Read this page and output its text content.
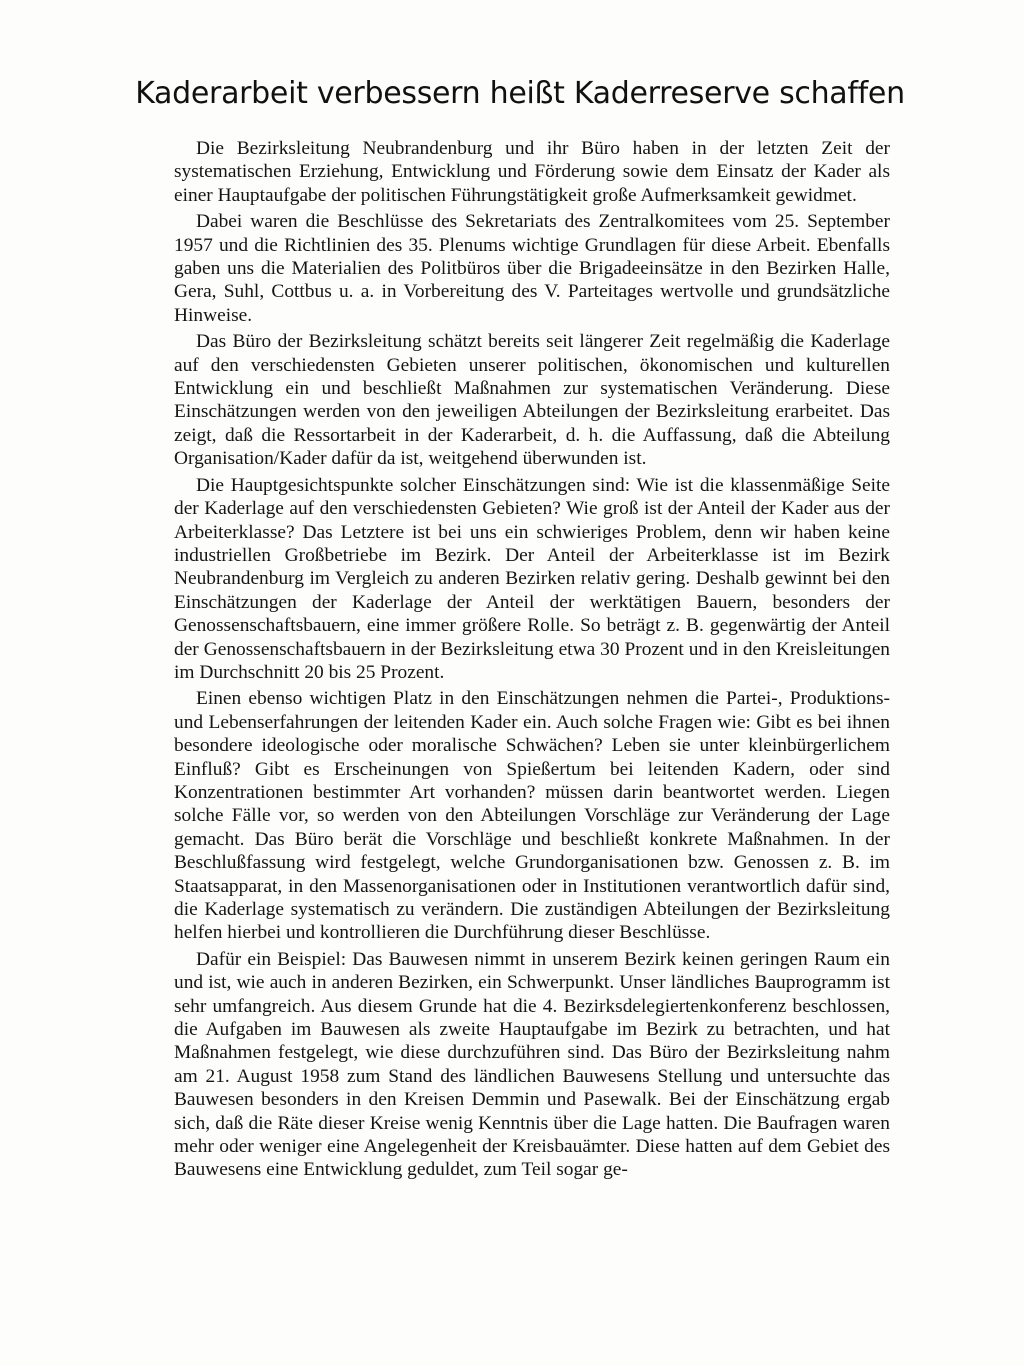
Kaderarbeit verbessern heißt Kaderreserve schaffen

Die Bezirksleitung Neubrandenburg und ihr Büro haben in der letzten Zeit der systematischen Erziehung, Entwicklung und Förderung sowie dem Einsatz der Kader als einer Hauptaufgabe der politischen Führungstätigkeit große Aufmerksamkeit gewidmet.

Dabei waren die Beschlüsse des Sekretariats des Zentralkomitees vom 25. September 1957 und die Richtlinien des 35. Plenums wichtige Grundlagen für diese Arbeit. Ebenfalls gaben uns die Materialien des Politbüros über die Brigadeeinsätze in den Bezirken Halle, Gera, Suhl, Cottbus u. a. in Vorbereitung des V. Parteitages wertvolle und grundsätzliche Hinweise.

Das Büro der Bezirksleitung schätzt bereits seit längerer Zeit regelmäßig die Kaderlage auf den verschiedensten Gebieten unserer politischen, ökonomischen und kulturellen Entwicklung ein und beschließt Maßnahmen zur systematischen Veränderung. Diese Einschätzungen werden von den jeweiligen Abteilungen der Bezirksleitung erarbeitet. Das zeigt, daß die Ressortarbeit in der Kaderarbeit, d. h. die Auffassung, daß die Abteilung Organisation/Kader dafür da ist, weitgehend überwunden ist.

Die Hauptgesichtspunkte solcher Einschätzungen sind: Wie ist die klassenmäßige Seite der Kaderlage auf den verschiedensten Gebieten? Wie groß ist der Anteil der Kader aus der Arbeiterklasse? Das Letztere ist bei uns ein schwieriges Problem, denn wir haben keine industriellen Großbetriebe im Bezirk. Der Anteil der Arbeiterklasse ist im Bezirk Neubrandenburg im Vergleich zu anderen Bezirken relativ gering. Deshalb gewinnt bei den Einschätzungen der Kaderlage der Anteil der werktätigen Bauern, besonders der Genossenschaftsbauern, eine immer größere Rolle. So beträgt z. B. gegenwärtig der Anteil der Genossenschaftsbauern in der Bezirksleitung etwa 30 Prozent und in den Kreisleitungen im Durchschnitt 20 bis 25 Prozent.

Einen ebenso wichtigen Platz in den Einschätzungen nehmen die Partei-, Produktions- und Lebenserfahrungen der leitenden Kader ein. Auch solche Fragen wie: Gibt es bei ihnen besondere ideologische oder moralische Schwächen? Leben sie unter kleinbürgerlichem Einfluß? Gibt es Erscheinungen von Spießertum bei leitenden Kadern, oder sind Konzentrationen bestimmter Art vorhanden? müssen darin beantwortet werden. Liegen solche Fälle vor, so werden von den Abteilungen Vorschläge zur Veränderung der Lage gemacht. Das Büro berät die Vorschläge und beschließt konkrete Maßnahmen. In der Beschlußfassung wird festgelegt, welche Grundorganisationen bzw. Genossen z. B. im Staatsapparat, in den Massenorganisationen oder in Institutionen verantwortlich dafür sind, die Kaderlage systematisch zu verändern. Die zuständigen Abteilungen der Bezirksleitung helfen hierbei und kontrollieren die Durchführung dieser Beschlüsse.

Dafür ein Beispiel: Das Bauwesen nimmt in unserem Bezirk keinen geringen Raum ein und ist, wie auch in anderen Bezirken, ein Schwerpunkt. Unser ländliches Bauprogramm ist sehr umfangreich. Aus diesem Grunde hat die 4. Bezirksdelegiertenkonferenz beschlossen, die Aufgaben im Bauwesen als zweite Hauptaufgabe im Bezirk zu betrachten, und hat Maßnahmen festgelegt, wie diese durchzuführen sind. Das Büro der Bezirksleitung nahm am 21. August 1958 zum Stand des ländlichen Bauwesens Stellung und untersuchte das Bauwesen besonders in den Kreisen Demmin und Pasewalk. Bei der Einschätzung ergab sich, daß die Räte dieser Kreise wenig Kenntnis über die Lage hatten. Die Baufragen waren mehr oder weniger eine Angelegenheit der Kreisbauämter. Diese hatten auf dem Gebiet des Bauwesens eine Entwicklung geduldet, zum Teil sogar ge-
